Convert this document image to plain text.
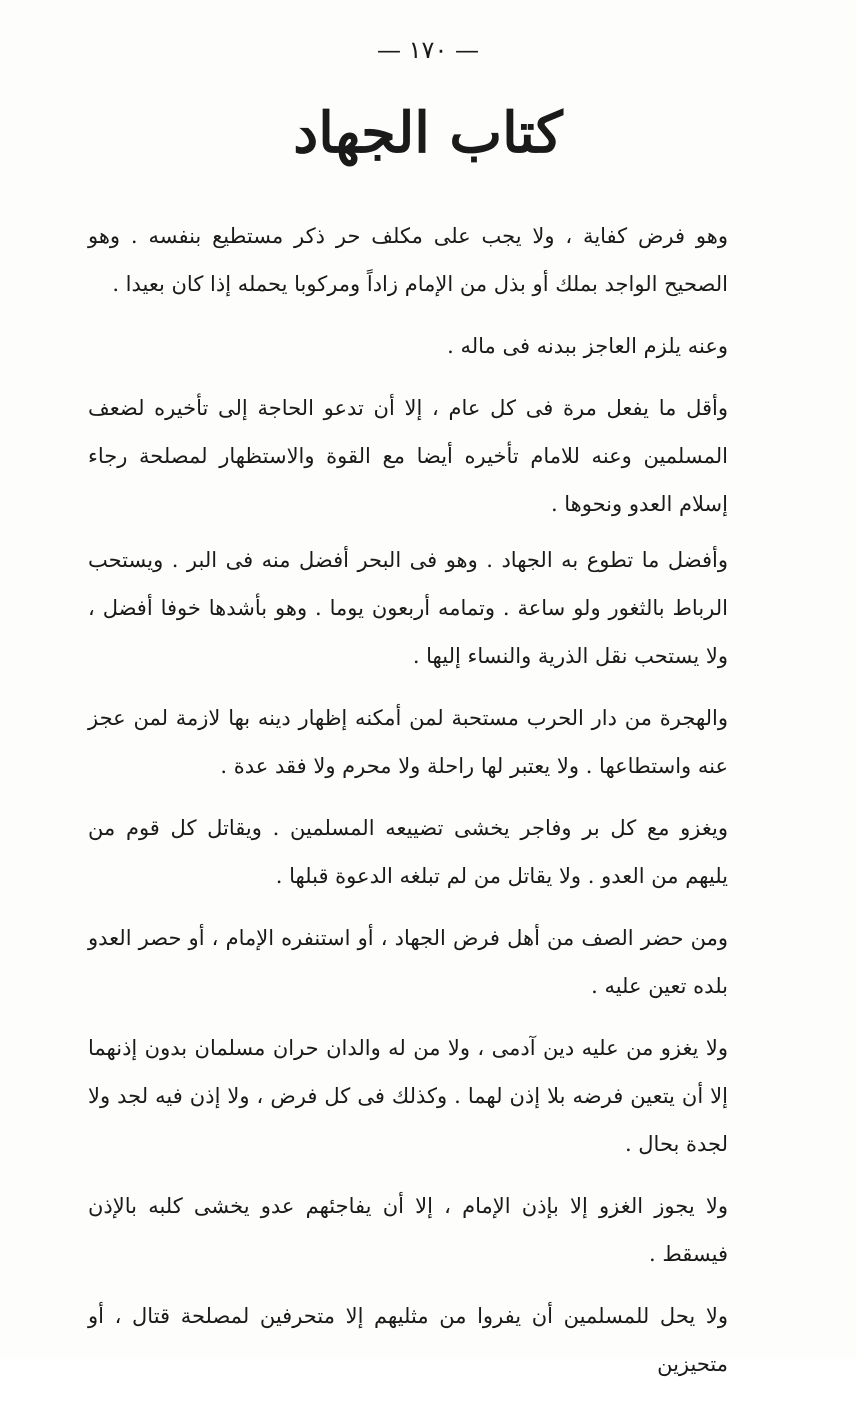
— ١٧٠ —
كتاب الجهاد

وهو فرض كفاية ، ولا يجب على مكلف حر ذكر مستطيع بنفسه . وهو الصحيح الواجد بملك أو بذل من الإمام زاداً ومركوبا يحمله إذا كان بعيدا .

وعنه يلزم العاجز ببدنه فى ماله .

وأقل ما يفعل مرة فى كل عام ، إلا أن تدعو الحاجة إلى تأخيره لضعف المسلمين وعنه للامام تأخيره أيضا مع القوة والاستظهار لمصلحة رجاء إسلام العدو ونحوها .

وأفضل ما تطوع به الجهاد . وهو فى البحر أفضل منه فى البر . ويستحب الرباط بالثغور ولو ساعة . وتمامه أربعون يوما . وهو بأشدها خوفا أفضل ، ولا يستحب نقل الذرية والنساء إليها .

والهجرة من دار الحرب مستحبة لمن أمكنه إظهار دينه بها لازمة لمن عجز عنه واستطاعها . ولا يعتبر لها راحلة ولا محرم ولا فقد عدة .

ويغزو مع كل بر وفاجر يخشى تضييعه المسلمين . ويقاتل كل قوم من يليهم من العدو . ولا يقاتل من لم تبلغه الدعوة قبلها .

ومن حضر الصف من أهل فرض الجهاد ، أو استنفره الإمام ، أو حصر العدو بلده تعين عليه .

ولا يغزو من عليه دين آدمى ، ولا من له والدان حران مسلمان بدون إذنهما إلا أن يتعين فرضه بلا إذن لهما . وكذلك فى كل فرض ، ولا إذن فيه لجد ولا لجدة بحال .

ولا يجوز الغزو إلا بإذن الإمام ، إلا أن يفاجئهم عدو يخشى كلبه بالإذن فيسقط .

ولا يحل للمسلمين أن يفروا من مثليهم إلا متحرفين لمصلحة قتال ، أو متحيزين
